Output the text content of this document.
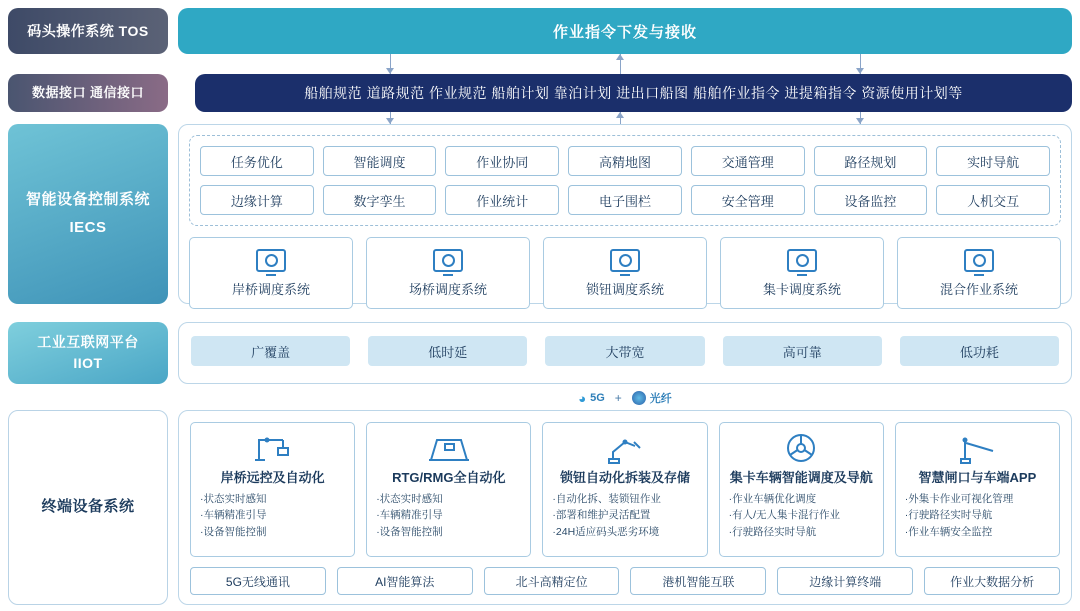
码头操作系统 TOS	作业指令下发与接收
数据接口 通信接口	船舶规范 道路规范 作业规范 船舶计划 靠泊计划 进出口船图 船舶作业指令 进提箱指令 资源使用计划等
智能设备控制系统
IECS
任务优化	智能调度	作业协同	高精地图	交通管理	路径规划	实时导航
边缘计算	数字孪生	作业统计	电子围栏	安全管理	设备监控	人机交互
岸桥调度系统	场桥调度系统	锁钮调度系统	集卡调度系统	混合作业系统
工业互联网平台
IIOT
广覆盖	低时延	大带宽	高可靠	低功耗
◕ 5G +	光纤
终端设备系统
岸桥远控及自动化
·状态实时感知
·车辆精准引导
·设备智能控制
RTG/RMG全自动化
·状态实时感知
·车辆精准引导
·设备智能控制
锁钮自动化拆装及存储
·自动化拆、装锁钮作业
·部署和维护灵活配置
·24H适应码头恶劣环境
集卡车辆智能调度及导航
·作业车辆优化调度
·有人/无人集卡混行作业
·行驶路径实时导航
智慧闸口与车端APP
·外集卡作业可视化管理
·行驶路径实时导航
·作业车辆安全监控
5G无线通讯	AI智能算法	北斗高精定位	港机智能互联	边缘计算终端	作业大数据分析
